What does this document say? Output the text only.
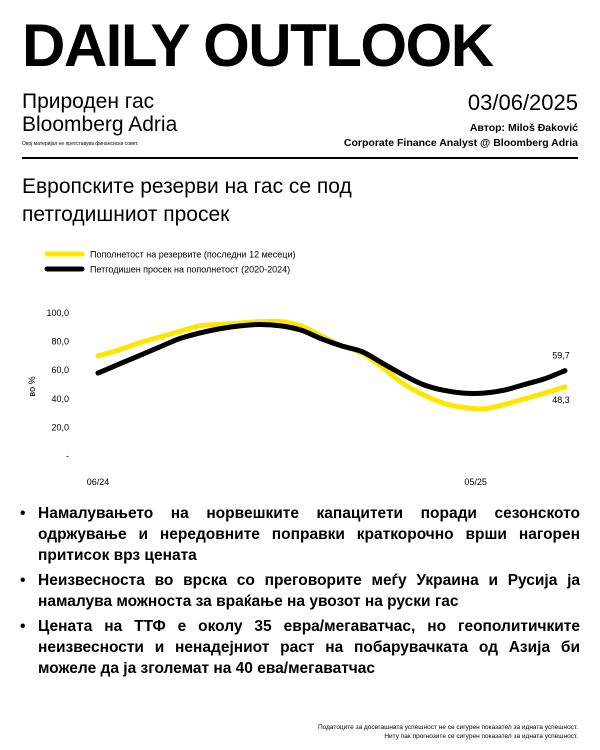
DAILY OUTLOOK
Природен гас
Bloomberg Adria
Овој материјал не претставува финансиски совет.
03/06/2025
Автор: Miloš Đaković
Corporate Finance Analyst @ Bloomberg Adria
Европските резерви на гас се под петгодишниот просек
Пополнетост на резервите (последни 12 месеци)
Петгодишен просек на пополнетост (2020-2024)
100,0
80,0
60,0
40,0
20,0
-
во %
06/24	05/25
48,3
59,7
• Намалувањето на норвешките капацитети поради сезонското одржување и нередовните поправки краткорочно врши нагорен притисок врз цената
• Неизвесноста во врска со преговорите меѓу Украина и Русија ја намалува можноста за враќање на увозот на руски гас
• Цената на ТТФ е околу 35 евра/мегаватчас, но геополитичките неизвесности и ненадејниот раст на побарувачката од Азија би можеле да ја зголемат на 40 ева/мегаватчас
Податоците за досегашната успешност не се сигурен показател за идната успешност.
Ниту пак прогнозите се сигурен показател за идната успешност.
